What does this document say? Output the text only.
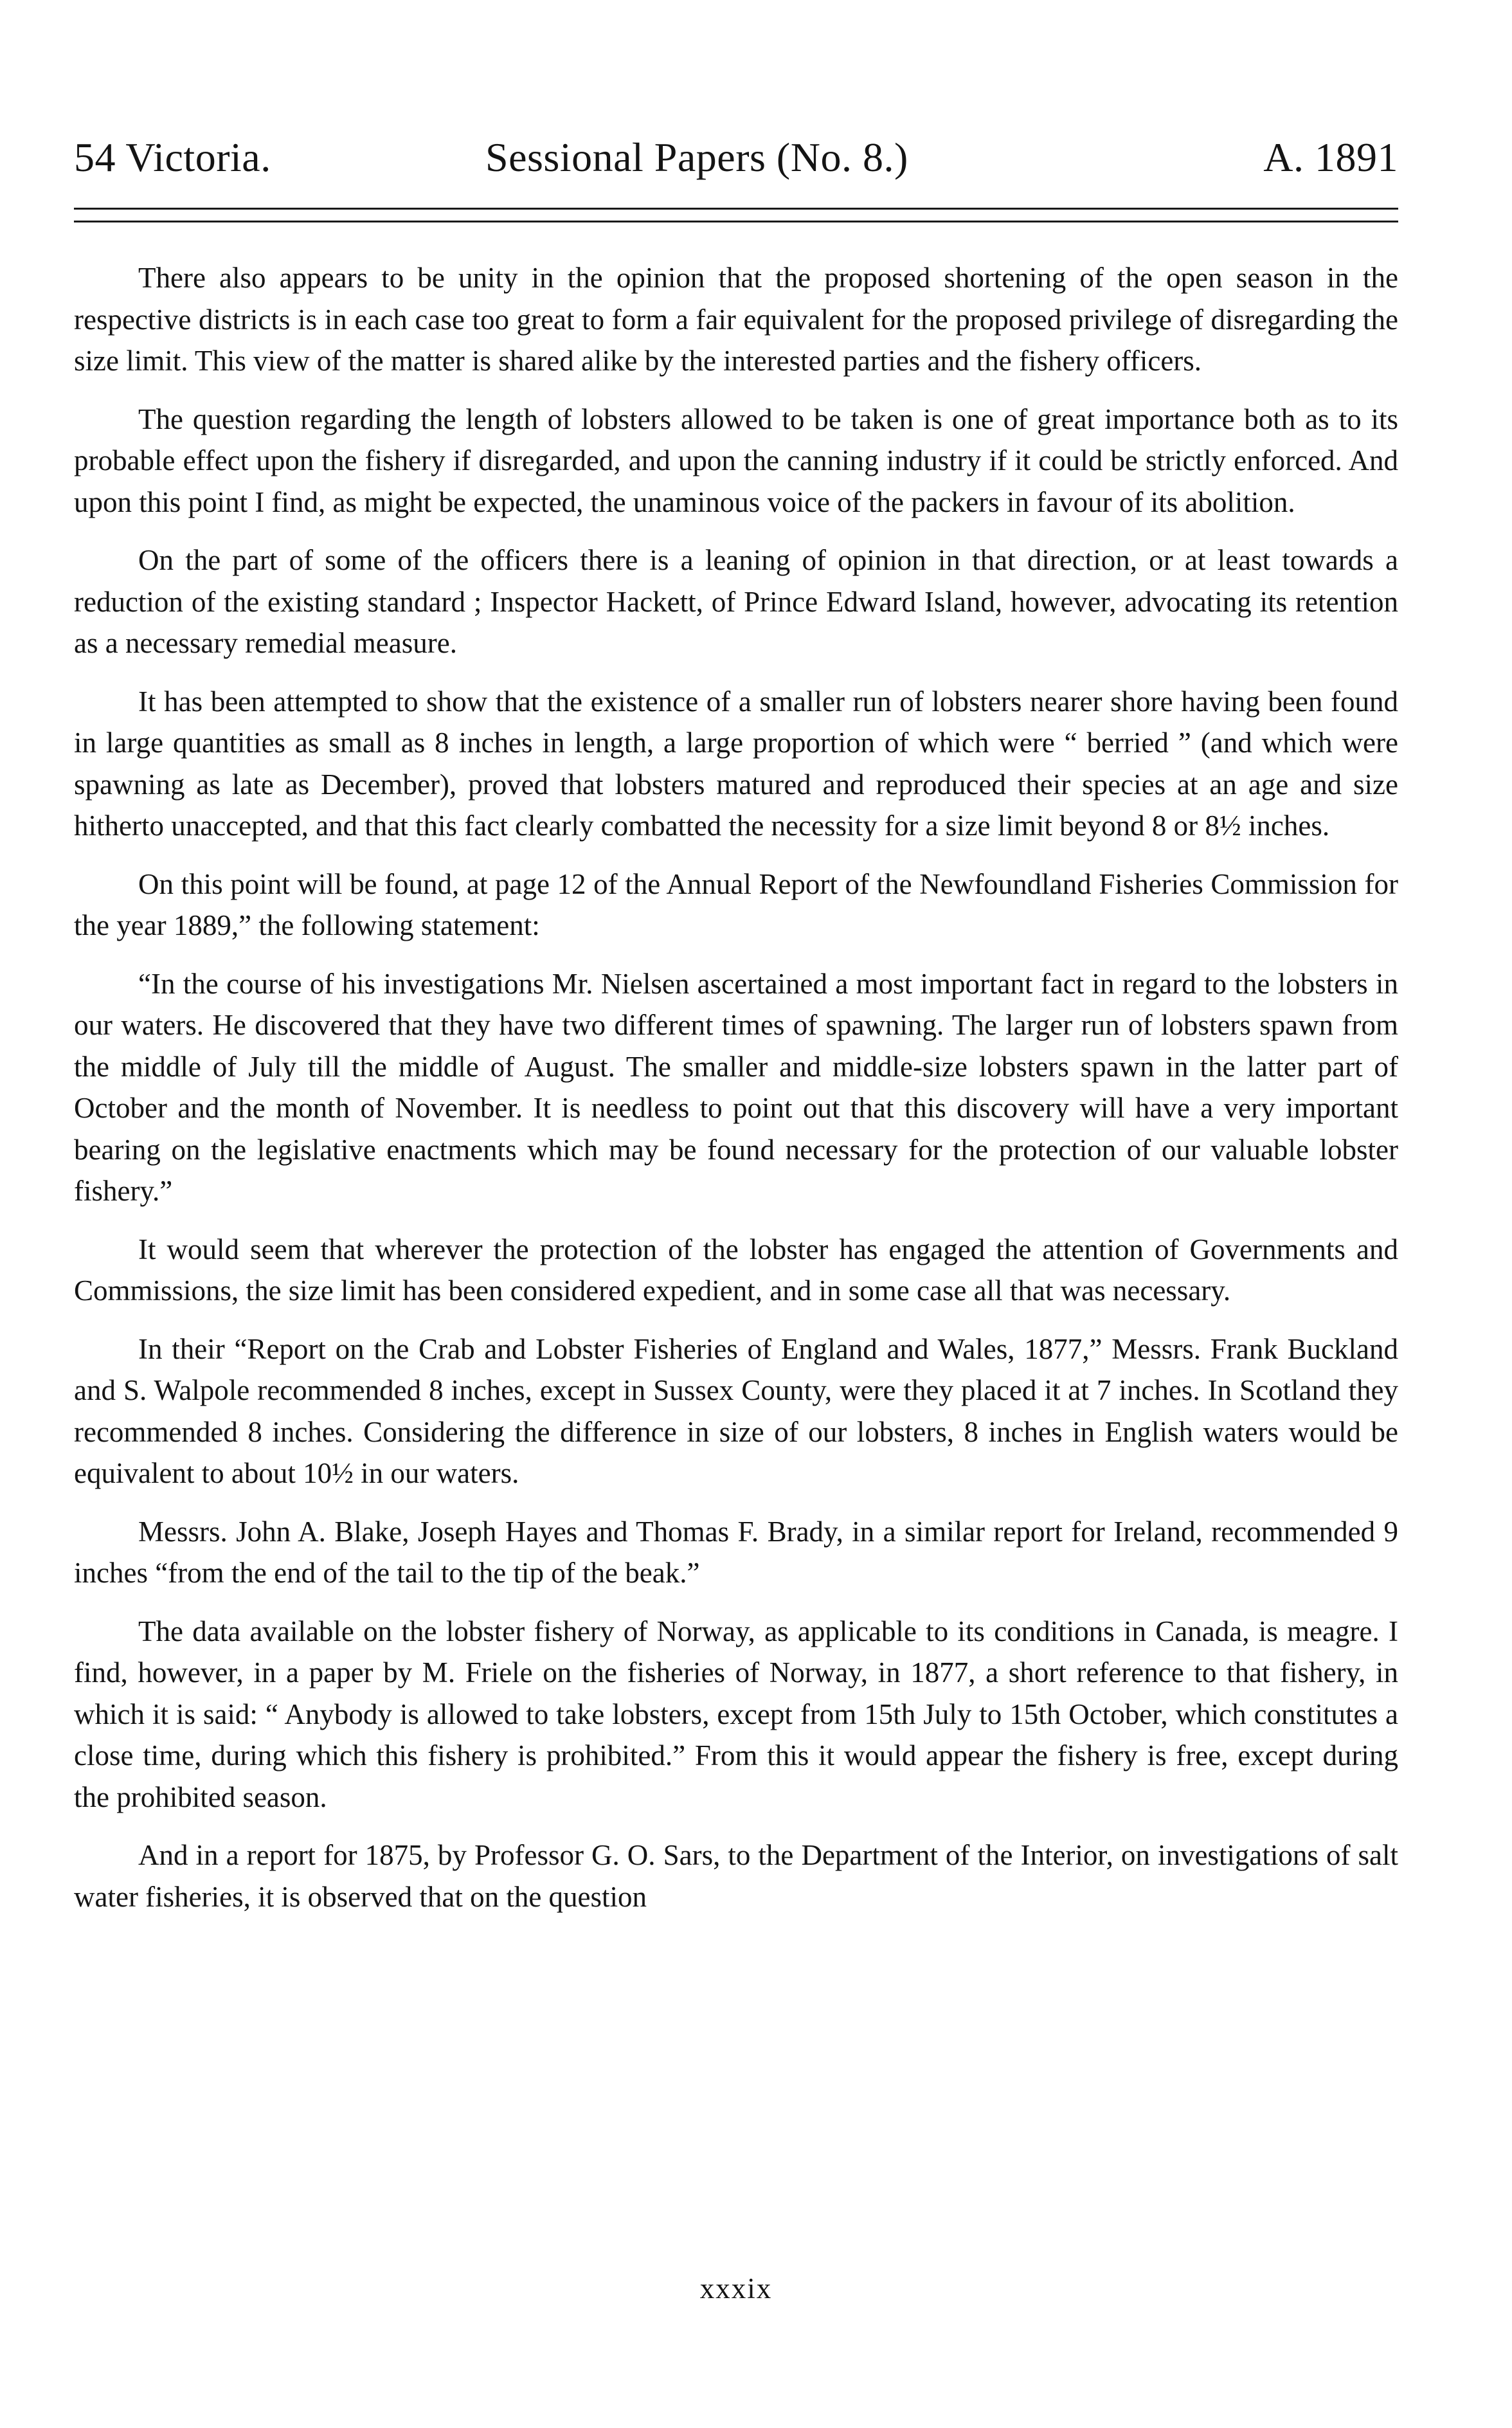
54 Victoria.	Sessional Papers (No. 8.)	A. 1891

There also appears to be unity in the opinion that the proposed shortening of the open season in the respective districts is in each case too great to form a fair equivalent for the proposed privilege of disregarding the size limit. This view of the matter is shared alike by the interested parties and the fishery officers.

The question regarding the length of lobsters allowed to be taken is one of great importance both as to its probable effect upon the fishery if disregarded, and upon the canning industry if it could be strictly enforced. And upon this point I find, as might be expected, the unaminous voice of the packers in favour of its abolition.

On the part of some of the officers there is a leaning of opinion in that direction, or at least towards a reduction of the existing standard ; Inspector Hackett, of Prince Edward Island, however, advocating its retention as a necessary remedial measure.

It has been attempted to show that the existence of a smaller run of lobsters nearer shore having been found in large quantities as small as 8 inches in length, a large proportion of which were “ berried ” (and which were spawning as late as December), proved that lobsters matured and reproduced their species at an age and size hitherto unaccepted, and that this fact clearly combatted the necessity for a size limit beyond 8 or 8½ inches.

On this point will be found, at page 12 of the Annual Report of the Newfoundland Fisheries Commission for the year 1889,” the following statement:

“In the course of his investigations Mr. Nielsen ascertained a most important fact in regard to the lobsters in our waters. He discovered that they have two different times of spawning. The larger run of lobsters spawn from the middle of July till the middle of August. The smaller and middle-size lobsters spawn in the latter part of October and the month of November. It is needless to point out that this discovery will have a very important bearing on the legislative enactments which may be found necessary for the protection of our valuable lobster fishery.”

It would seem that wherever the protection of the lobster has engaged the attention of Governments and Commissions, the size limit has been considered expedient, and in some case all that was necessary.

In their “Report on the Crab and Lobster Fisheries of England and Wales, 1877,” Messrs. Frank Buckland and S. Walpole recommended 8 inches, except in Sussex County, were they placed it at 7 inches. In Scotland they recommended 8 inches. Considering the difference in size of our lobsters, 8 inches in English waters would be equivalent to about 10½ in our waters.

Messrs. John A. Blake, Joseph Hayes and Thomas F. Brady, in a similar report for Ireland, recommended 9 inches “from the end of the tail to the tip of the beak.”

The data available on the lobster fishery of Norway, as applicable to its conditions in Canada, is meagre. I find, however, in a paper by M. Friele on the fisheries of Norway, in 1877, a short reference to that fishery, in which it is said: “ Anybody is allowed to take lobsters, except from 15th July to 15th October, which constitutes a close time, during which this fishery is prohibited.” From this it would appear the fishery is free, except during the prohibited season.

And in a report for 1875, by Professor G. O. Sars, to the Department of the Interior, on investigations of salt water fisheries, it is observed that on the question

xxxix
